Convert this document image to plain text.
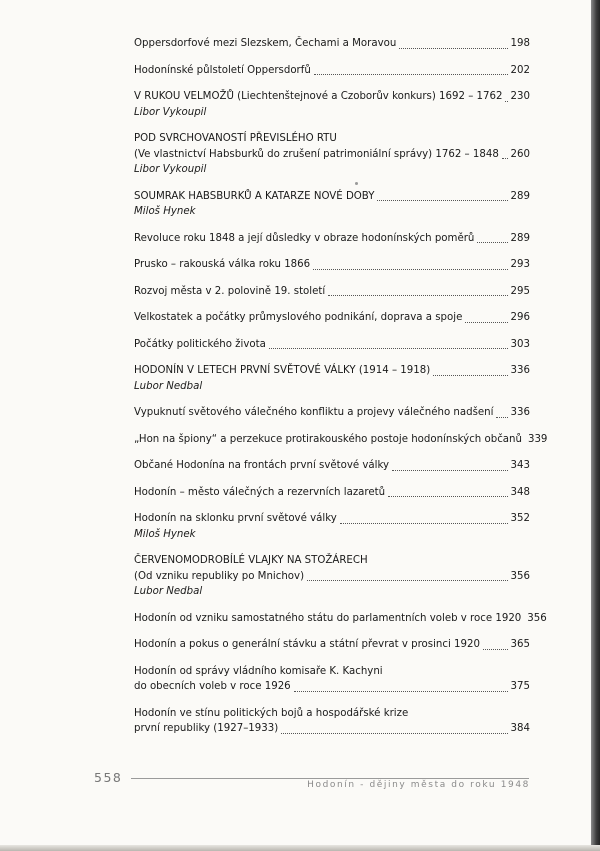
Oppersdorfové mezi Slezskem, Čechami a Moravou	198
Hodonínské půlstoletí Oppersdorfů	202
V RUKOU VELMOŽŮ (Liechtenštejnové a Czoborův konkurs) 1692 – 1762 230
Libor Vykoupil
POD SVRCHOVANOSTÍ PŘEVISLÉHO RTU
(Ve vlastnictví Habsburků do zrušení patrimoniální správy) 1762 – 1848 260
Libor Vykoupil
SOUMRAK HABSBURKŮ A KATARZE NOVÉ DOBY	289
Miloš Hynek
Revoluce roku 1848 a její důsledky v obraze hodonínských poměrů	289
Prusko – rakouská válka roku 1866	293
Rozvoj města v 2. polovině 19. století	295
Velkostatek a počátky průmyslového podnikání, doprava a spoje	296
Počátky politického života	303
HODONÍN V LETECH PRVNÍ SVĚTOVÉ VÁLKY (1914 – 1918)	336
Lubor Nedbal
Vypuknutí světového válečného konfliktu a projevy válečného nadšení 336
„Hon na špiony“ a perzekuce protirakouského postoje hodonínských občanů 339
Občané Hodonína na frontách první světové války	343
Hodonín – město válečných a rezervních lazaretů	348
Hodonín na sklonku první světové války	352
Miloš Hynek
ČERVENOMODROBÍLÉ VLAJKY NA STOŽÁRECH
(Od vzniku republiky po Mnichov)	356
Lubor Nedbal
Hodonín od vzniku samostatného státu do parlamentních voleb v roce 1920 356
Hodonín a pokus o generální stávku a státní převrat v prosinci 1920	365
Hodonín od správy vládního komisaře K. Kachyni
do obecních voleb v roce 1926	375
Hodonín ve stínu politických bojů a hospodářské krize
první republiky (1927–1933)	384
558	Hodonín - dějiny města do roku 1948
